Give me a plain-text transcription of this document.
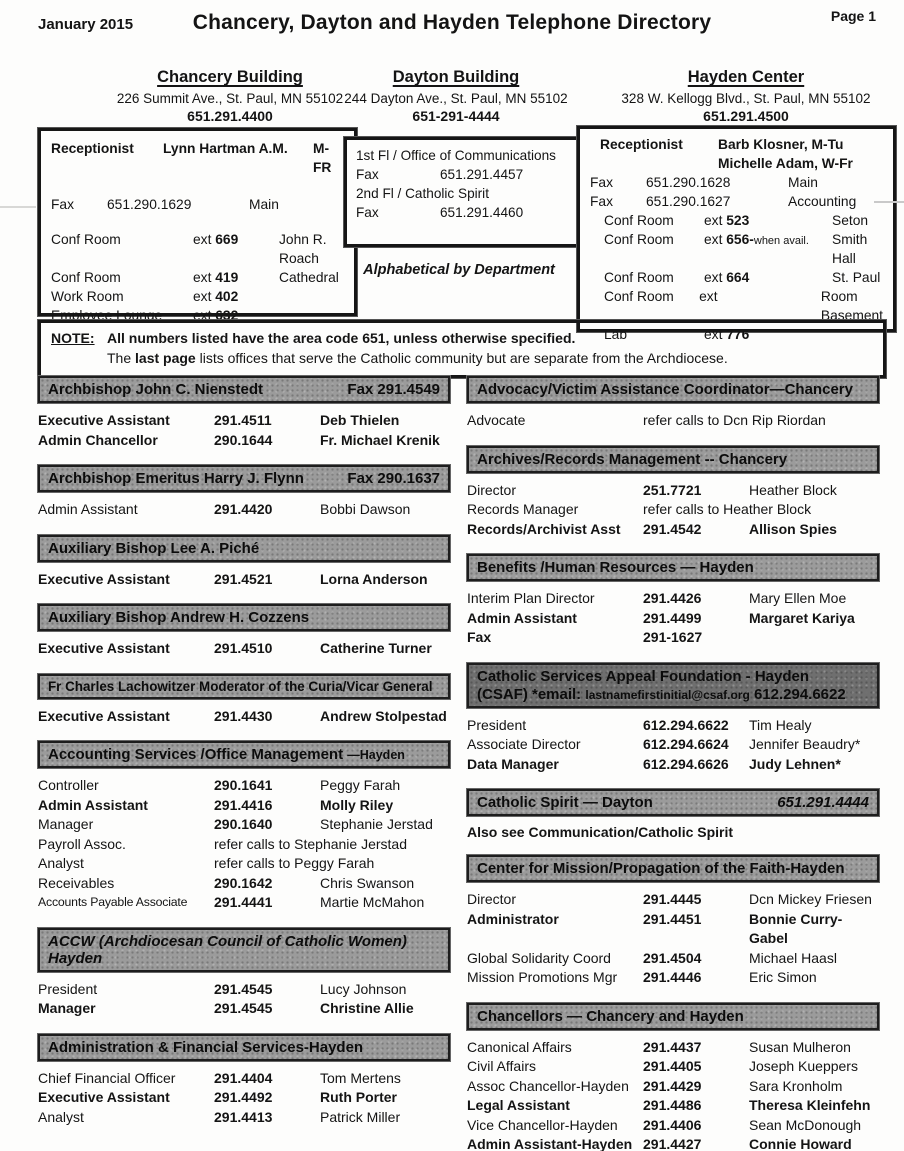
January 2015	Chancery, Dayton and Hayden Telephone Directory	Page 1
Chancery Building
226 Summit Ave., St. Paul, MN 55102
651.291.4400
Dayton Building
244 Dayton Ave., St. Paul, MN 55102
651-291-4444
Hayden Center
328 W. Kellogg Blvd., St. Paul, MN 55102
651.291.4500
Receptionist	Lynn Hartman A.M.	M-FR
Fax	651.290.1629	Main
Conf Room	ext 669	John R. Roach
Conf Room	ext 419	Cathedral
Work Room	ext 402
Employee Lounge	ext 632
1st Fl / Office of Communications
Fax	651.291.4457
2nd Fl / Catholic Spirit
Fax	651.291.4460
Alphabetical by Department
Receptionist	Barb Klosner, M-Tu
Michelle Adam, W-Fr
Fax	651.290.1628	Main
Fax	651.290.1627	Accounting
Conf Room	ext 523	Seton
Conf Room	ext 656-when avail.	Smith Hall
Conf Room	ext 664	St. Paul
Conf Room	ext	Room Basement
Lab	ext 776
NOTE: All numbers listed have the area code 651, unless otherwise specified.
The last page lists offices that serve the Catholic community but are separate from the Archdiocese.
Archbishop John C. Nienstedt	Fax 291.4549
Executive Assistant	291.4511	Deb Thielen
Admin Chancellor	290.1644	Fr. Michael Krenik
Archbishop Emeritus Harry J. Flynn	Fax 290.1637
Admin Assistant	291.4420	Bobbi Dawson
Auxiliary Bishop Lee A. Piché
Executive Assistant	291.4521	Lorna Anderson
Auxiliary Bishop Andrew H. Cozzens
Executive Assistant	291.4510	Catherine Turner
Fr Charles Lachowitzer Moderator of the Curia/Vicar General
Executive Assistant	291.4430	Andrew Stolpestad
Accounting Services /Office Management —Hayden
Controller	290.1641	Peggy Farah
Admin Assistant	291.4416	Molly Riley
Manager	290.1640	Stephanie Jerstad
Payroll Assoc.	refer calls to Stephanie Jerstad
Analyst	refer calls to Peggy Farah
Receivables	290.1642	Chris Swanson
Accounts Payable Associate	291.4441	Martie McMahon
ACCW (Archdiocesan Council of Catholic Women) Hayden
President	291.4545	Lucy Johnson
Manager	291.4545	Christine Allie
Administration & Financial Services-Hayden
Chief Financial Officer	291.4404	Tom Mertens
Executive Assistant	291.4492	Ruth Porter
Analyst	291.4413	Patrick Miller
Advocacy/Victim Assistance Coordinator—Chancery
Advocate	refer calls to Dcn Rip Riordan
Archives/Records Management -- Chancery
Director	251.7721	Heather Block
Records Manager	refer calls to Heather Block
Records/Archivist Asst	291.4542	Allison Spies
Benefits /Human Resources — Hayden
Interim Plan Director	291.4426	Mary Ellen Moe
Admin Assistant	291.4499	Margaret Kariya
Fax	291-1627
Catholic Services Appeal Foundation - Hayden
(CSAF) *email: lastnamefirstinitial@csaf.org 612.294.6622
President	612.294.6622	Tim Healy
Associate Director	612.294.6624	Jennifer Beaudry*
Data Manager	612.294.6626	Judy Lehnen*
Catholic Spirit — Dayton	651.291.4444
Also see Communication/Catholic Spirit
Center for Mission/Propagation of the Faith-Hayden
Director	291.4445	Dcn Mickey Friesen
Administrator	291.4451	Bonnie Curry-Gabel
Global Solidarity Coord	291.4504	Michael Haasl
Mission Promotions Mgr	291.4446	Eric Simon
Chancellors — Chancery and Hayden
Canonical Affairs	291.4437	Susan Mulheron
Civil Affairs	291.4405	Joseph Kueppers
Assoc Chancellor-Hayden	291.4429	Sara Kronholm
Legal Assistant	291.4486	Theresa Kleinfehn
Vice Chancellor-Hayden	291.4406	Sean McDonough
Admin Assistant-Hayden 291.4427	Connie Howard
